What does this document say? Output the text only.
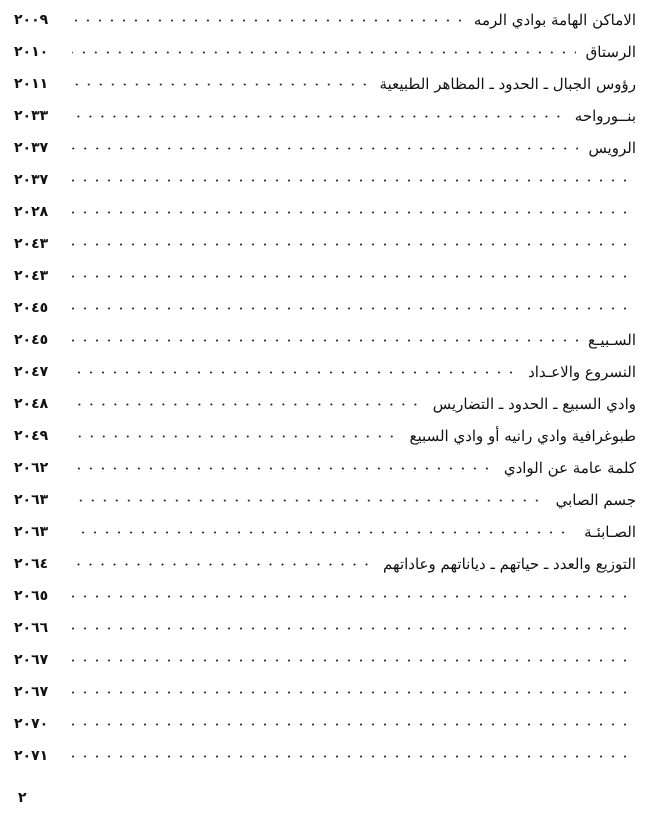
الاماكن الهامة بوادي الرمه
٢٠٠٩
الرستاق
٢٠١٠
رؤوس الجبال ـ الحدود ـ المظاهر الطبيعية
٢٠١١
بنــورواحه
٢٠٣٣
الرويس
٢٠٣٧
٢٠٣٧
٢٠٢٨
٢٠٤٣
٢٠٤٣
٢٠٤٥
السـبيـع
٢٠٤٥
النسروع والاعـداد
٢٠٤٧
وادي السبيع ـ الحدود ـ التضاريس
٢٠٤٨
طبوغرافية وادي رانيه أو وادي السبيع
٢٠٤٩
كلمة عامة عن الوادي
٢٠٦٢
جسم الصابي
٢٠٦٣
الصـابئـة
٢٠٦٣
التوزيع والعدد ـ حياتهم ـ دياناتهم وعاداتهم
٢٠٦٤
٢٠٦٥
٢٠٦٦
٢٠٦٧
٢٠٦٧
٢٠٧٠
٢٠٧١
٢
